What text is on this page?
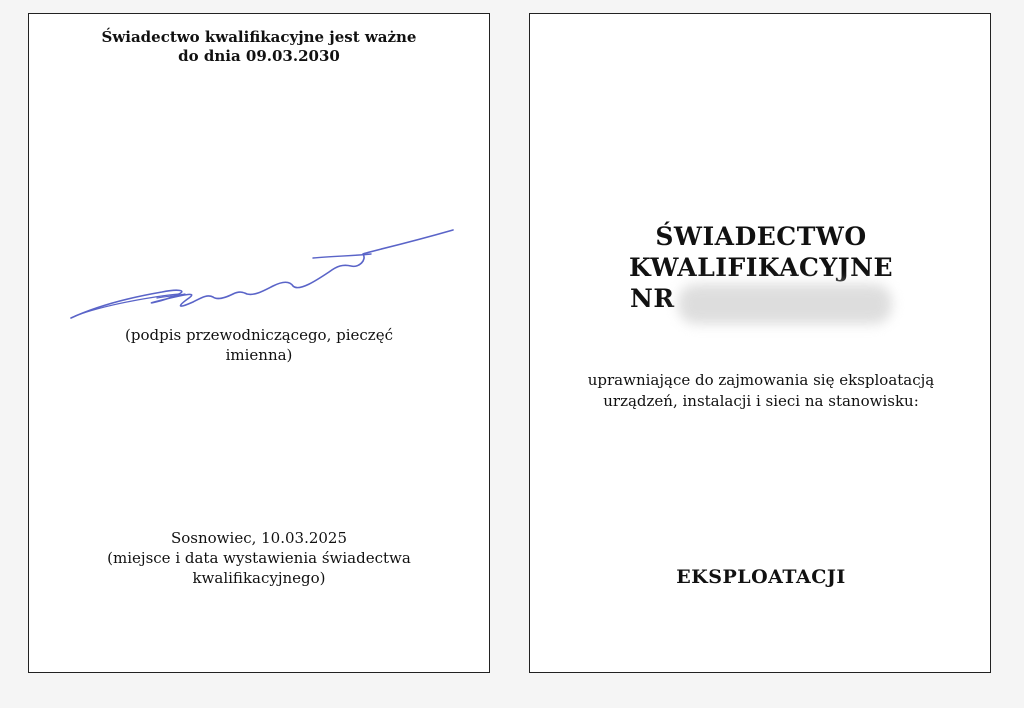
Świadectwo kwalifikacyjne jest ważne
do dnia 09.03.2030
(podpis przewodniczącego, pieczęć
imienna)
Sosnowiec, 10.03.2025
(miejsce i data wystawienia świadectwa
kwalifikacyjnego)
ŚWIADECTWO
KWALIFIKACYJNE
NR
uprawniające do zajmowania się eksploatacją
urządzeń, instalacji i sieci na stanowisku:
EKSPLOATACJI
